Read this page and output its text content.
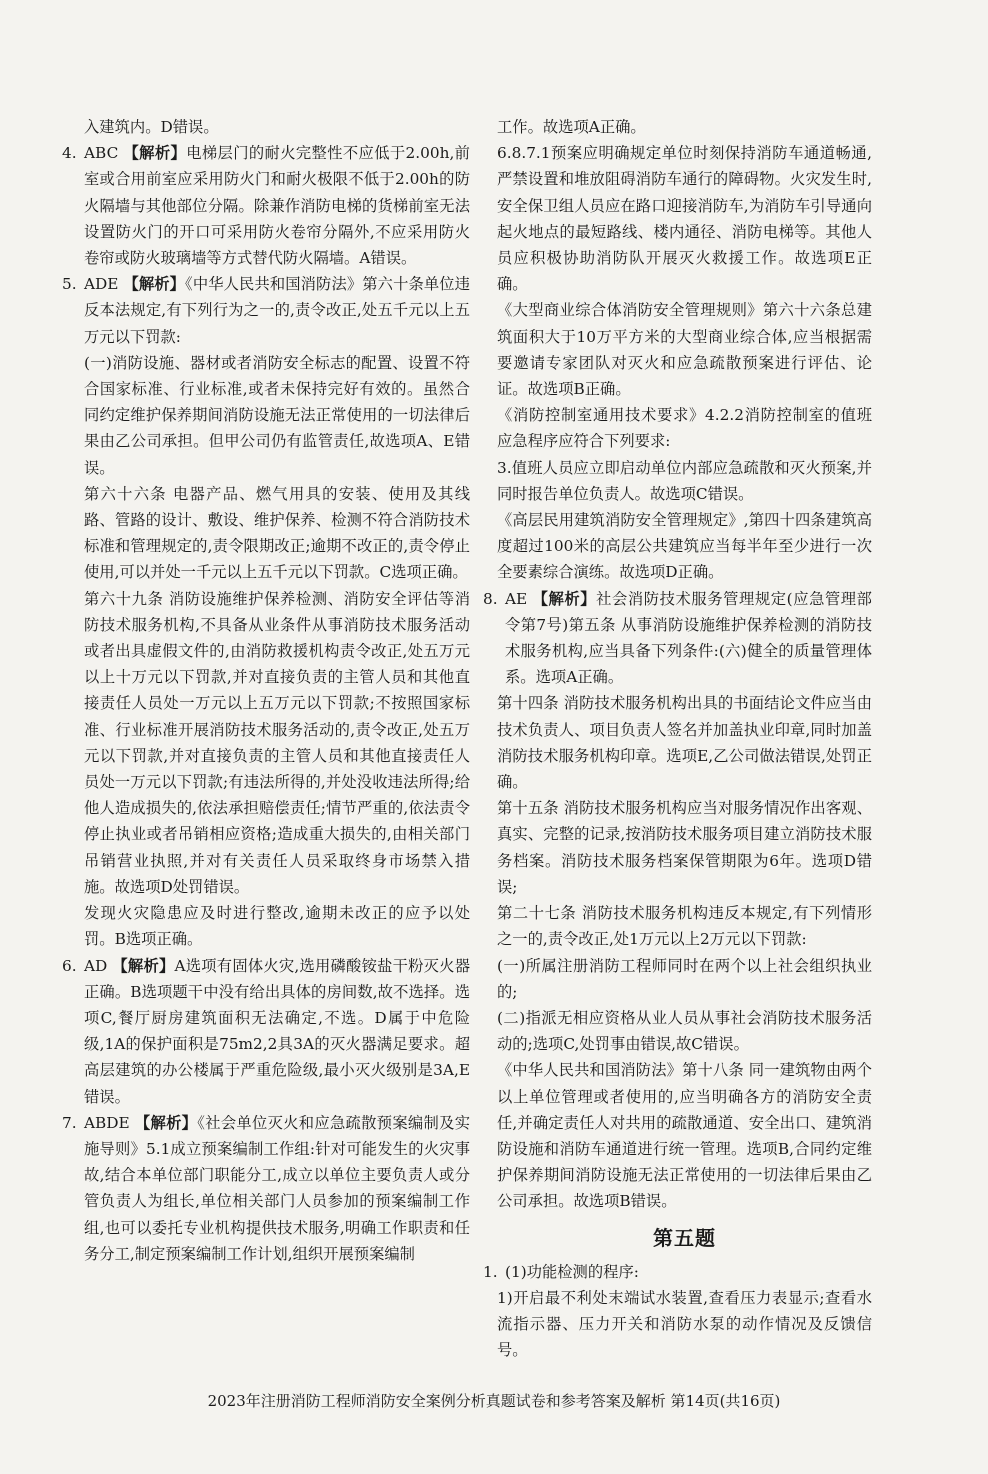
入建筑内。D错误。

4. ABC 【解析】电梯层门的耐火完整性不应低于2.00h,前室或合用前室应采用防火门和耐火极限不低于2.00h的防火隔墙与其他部位分隔。除兼作消防电梯的货梯前室无法设置防火门的开口可采用防火卷帘分隔外,不应采用防火卷帘或防火玻璃墙等方式替代防火隔墙。A错误。
5. ADE 【解析】《中华人民共和国消防法》第六十条单位违反本法规定,有下列行为之一的,责令改正,处五千元以上五万元以下罚款:

(一)消防设施、器材或者消防安全标志的配置、设置不符合国家标准、行业标准,或者未保持完好有效的。虽然合同约定维护保养期间消防设施无法正常使用的一切法律后果由乙公司承担。但甲公司仍有监管责任,故选项A、E错误。

第六十六条 电器产品、燃气用具的安装、使用及其线路、管路的设计、敷设、维护保养、检测不符合消防技术标准和管理规定的,责令限期改正;逾期不改正的,责令停止使用,可以并处一千元以上五千元以下罚款。C选项正确。

第六十九条 消防设施维护保养检测、消防安全评估等消防技术服务机构,不具备从业条件从事消防技术服务活动或者出具虚假文件的,由消防救援机构责令改正,处五万元以上十万元以下罚款,并对直接负责的主管人员和其他直接责任人员处一万元以上五万元以下罚款;不按照国家标准、行业标准开展消防技术服务活动的,责令改正,处五万元以下罚款,并对直接负责的主管人员和其他直接责任人员处一万元以下罚款;有违法所得的,并处没收违法所得;给他人造成损失的,依法承担赔偿责任;情节严重的,依法责令停止执业或者吊销相应资格;造成重大损失的,由相关部门吊销营业执照,并对有关责任人员采取终身市场禁入措施。故选项D处罚错误。

发现火灾隐患应及时进行整改,逾期未改正的应予以处罚。B选项正确。

6. AD 【解析】A选项有固体火灾,选用磷酸铵盐干粉灭火器正确。B选项题干中没有给出具体的房间数,故不选择。选项C,餐厅厨房建筑面积无法确定,不选。D属于中危险级,1A的保护面积是75m2,2具3A的灭火器满足要求。超高层建筑的办公楼属于严重危险级,最小灭火级别是3A,E错误。
7. ABDE 【解析】《社会单位灭火和应急疏散预案编制及实施导则》5.1成立预案编制工作组:针对可能发生的火灾事故,结合本单位部门职能分工,成立以单位主要负责人或分管负责人为组长,单位相关部门人员参加的预案编制工作组,也可以委托专业机构提供技术服务,明确工作职责和任务分工,制定预案编制工作计划,组织开展预案编制

工作。故选项A正确。

6.8.7.1预案应明确规定单位时刻保持消防车通道畅通,严禁设置和堆放阻碍消防车通行的障碍物。火灾发生时,安全保卫组人员应在路口迎接消防车,为消防车引导通向起火地点的最短路线、楼内通径、消防电梯等。其他人员应积极协助消防队开展灭火救援工作。故选项E正确。

《大型商业综合体消防安全管理规则》第六十六条总建筑面积大于10万平方米的大型商业综合体,应当根据需要邀请专家团队对灭火和应急疏散预案进行评估、论证。故选项B正确。

《消防控制室通用技术要求》4.2.2消防控制室的值班应急程序应符合下列要求:

3.值班人员应立即启动单位内部应急疏散和灭火预案,并同时报告单位负责人。故选项C错误。

《高层民用建筑消防安全管理规定》,第四十四条建筑高度超过100米的高层公共建筑应当每半年至少进行一次全要素综合演练。故选项D正确。

8. AE 【解析】社会消防技术服务管理规定(应急管理部令第7号)第五条 从事消防设施维护保养检测的消防技术服务机构,应当具备下列条件:(六)健全的质量管理体系。选项A正确。

第十四条 消防技术服务机构出具的书面结论文件应当由技术负责人、项目负责人签名并加盖执业印章,同时加盖消防技术服务机构印章。选项E,乙公司做法错误,处罚正确。

第十五条 消防技术服务机构应当对服务情况作出客观、真实、完整的记录,按消防技术服务项目建立消防技术服务档案。消防技术服务档案保管期限为6年。选项D错误;

第二十七条 消防技术服务机构违反本规定,有下列情形之一的,责令改正,处1万元以上2万元以下罚款:

(一)所属注册消防工程师同时在两个以上社会组织执业的;

(二)指派无相应资格从业人员从事社会消防技术服务活动的;选项C,处罚事由错误,故C错误。

《中华人民共和国消防法》第十八条 同一建筑物由两个以上单位管理或者使用的,应当明确各方的消防安全责任,并确定责任人对共用的疏散通道、安全出口、建筑消防设施和消防车通道进行统一管理。选项B,合同约定维护保养期间消防设施无法正常使用的一切法律后果由乙公司承担。故选项B错误。

第五题
1. (1)功能检测的程序:

1)开启最不利处末端试水装置,查看压力表显示;查看水流指示器、压力开关和消防水泵的动作情况及反馈信号。

2023年注册消防工程师消防安全案例分析真题试卷和参考答案及解析 第14页(共16页)
